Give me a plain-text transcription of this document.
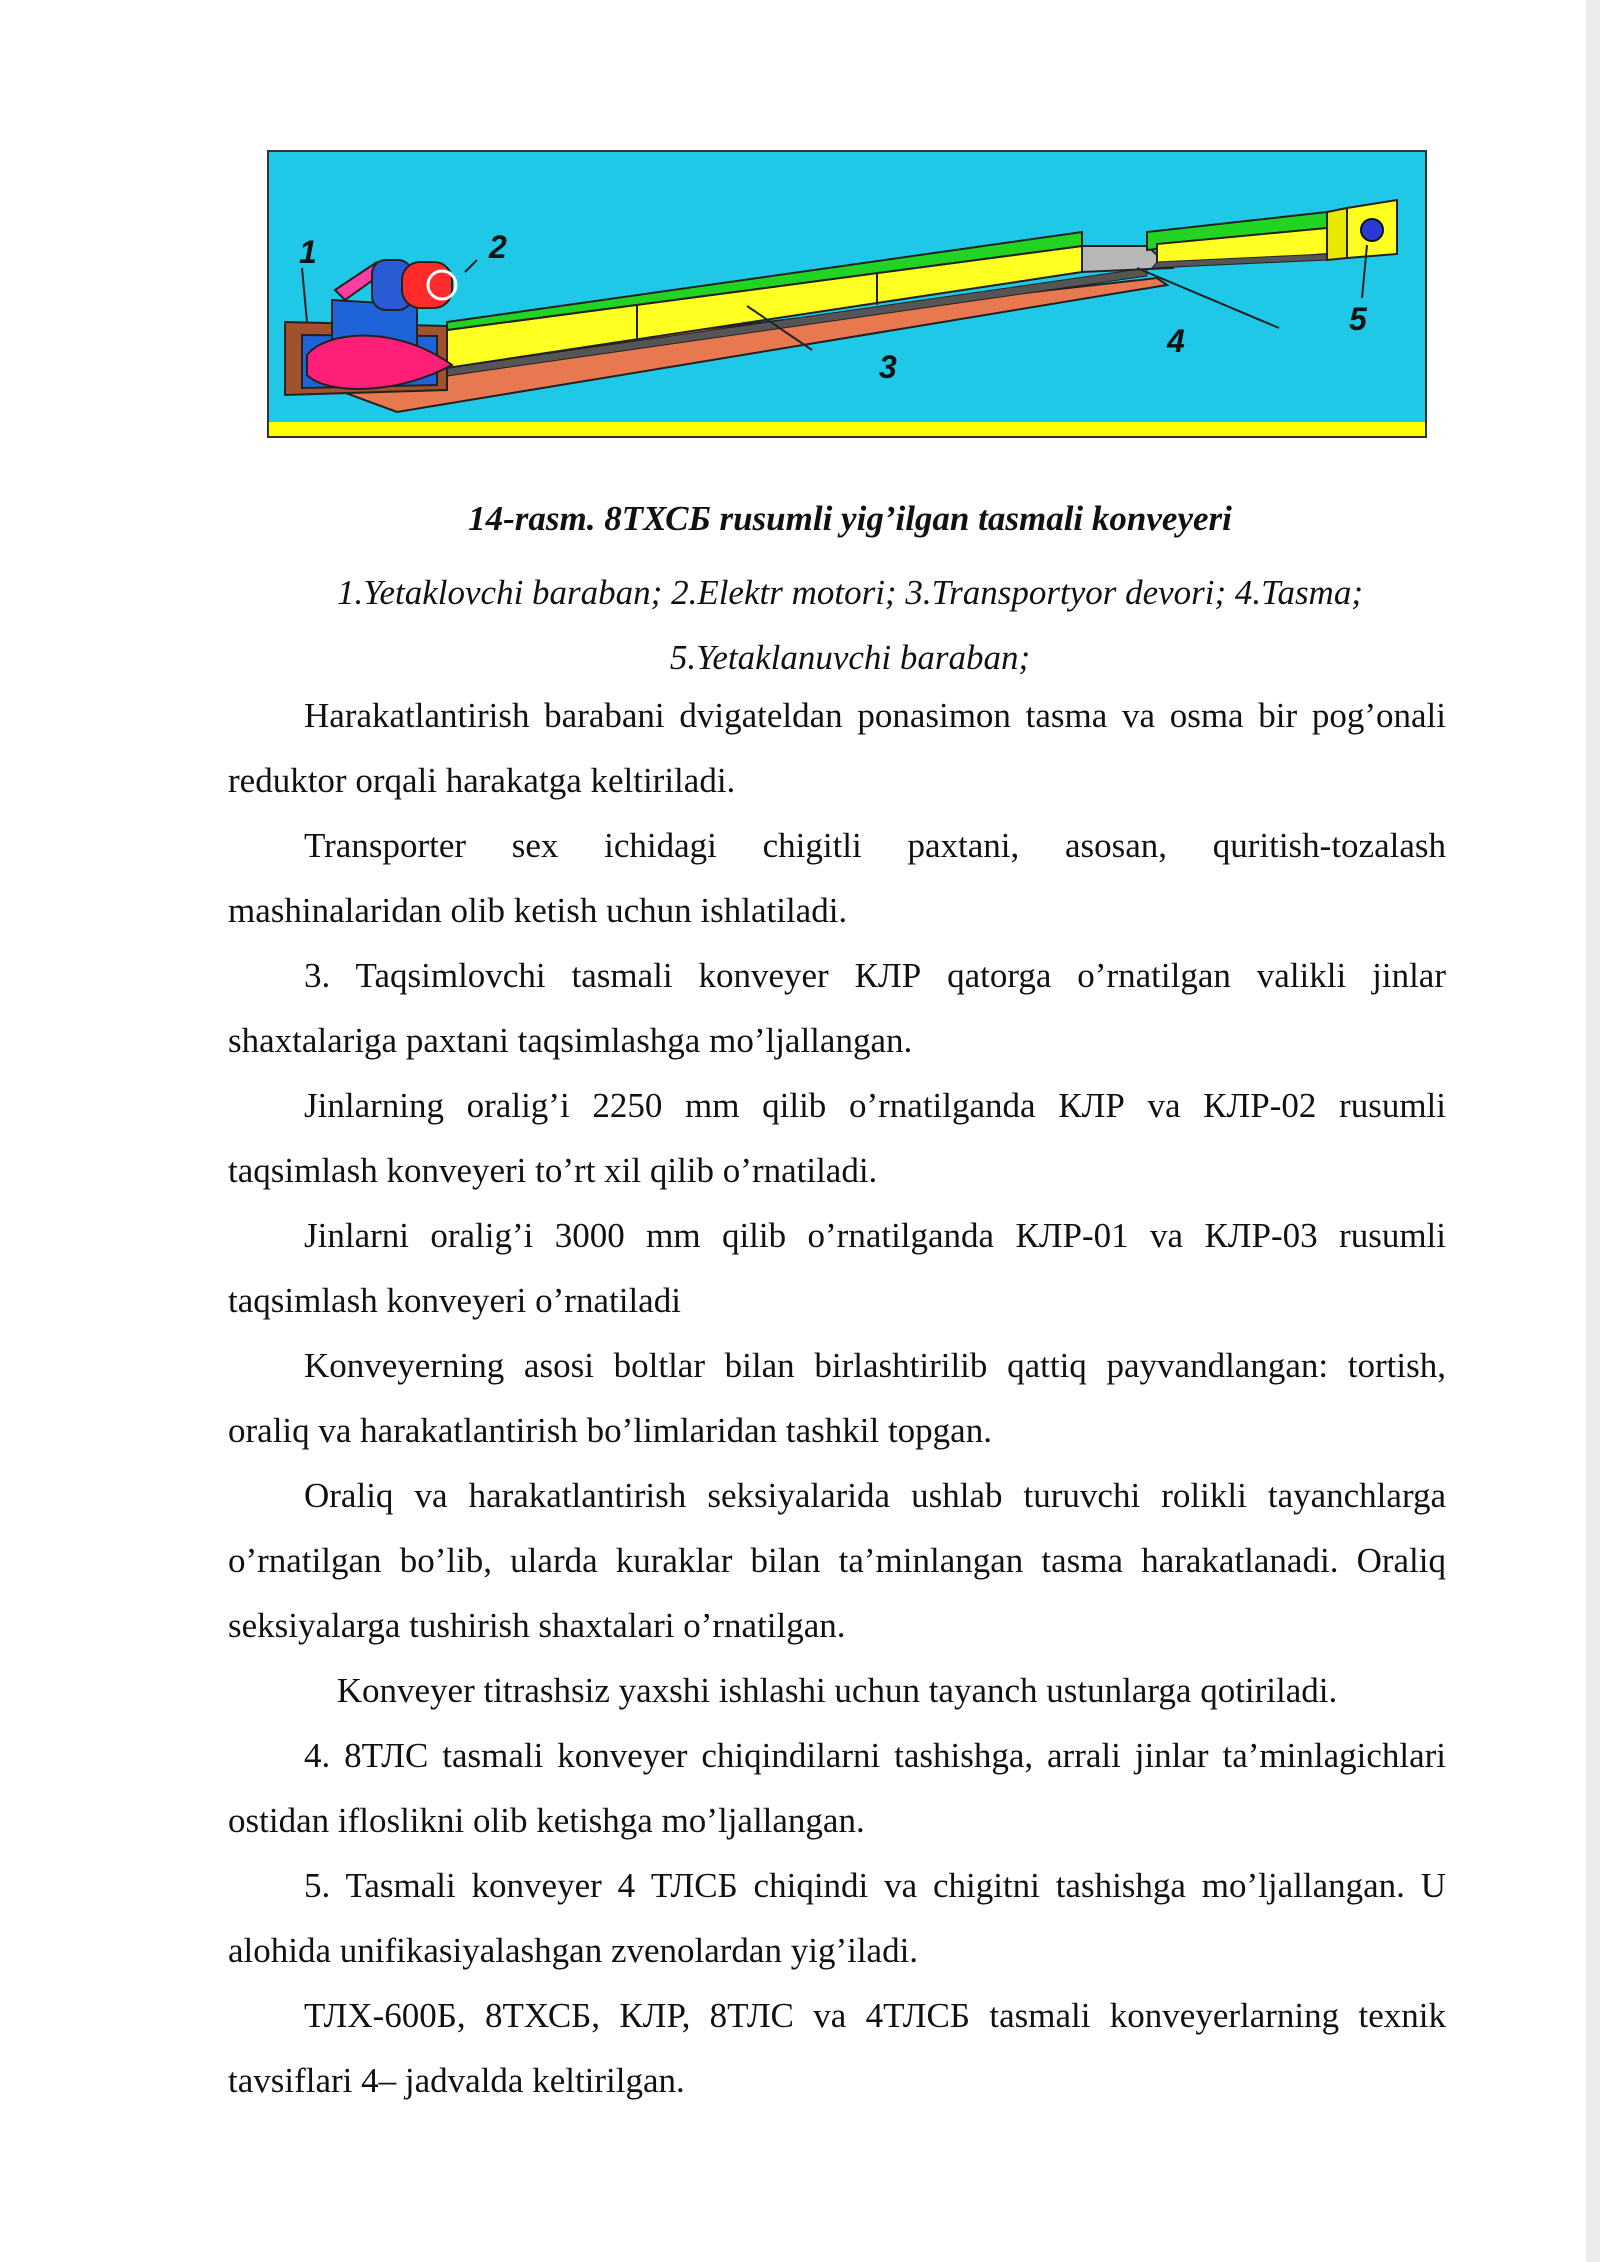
1	2
3
4
5
14-rasm. 8ТХСБ rusumli yig’ilgan tasmali konveyeri
1.Yetaklovchi baraban; 2.Elektr motori; 3.Transportyor devori; 4.Tasma;
5.Yetaklanuvchi baraban;

Harakatlantirish barabani dvigateldan ponasimon tasma va osma bir pog’onali reduktor orqali harakatga keltiriladi.

Transporter sex ichidagi chigitli paxtani, asosan, quritish-tozalash mashinalaridan olib ketish uchun ishlatiladi.

3. Taqsimlovchi tasmali konveyer КЛР qatorga o’rnatilgan valikli jinlar shaxtalariga paxtani taqsimlashga mo’ljallangan.

Jinlarning oralig’i 2250 mm qilib o’rnatilganda КЛР va КЛР-02 rusumli taqsimlash konveyeri to’rt xil qilib o’rnatiladi.

Jinlarni oralig’i 3000 mm qilib o’rnatilganda КЛР-01 va КЛР-03 rusumli taqsimlash konveyeri o’rnatiladi

Konveyerning asosi boltlar bilan birlashtirilib qattiq payvandlangan: tortish, oraliq va harakatlantirish bo’limlaridan tashkil topgan.

Oraliq va harakatlantirish seksiyalarida ushlab turuvchi rolikli tayanchlarga o’rnatilgan bo’lib, ularda kuraklar bilan ta’minlangan tasma harakatlanadi. Oraliq seksiyalarga tushirish shaxtalari o’rnatilgan.

Konveyer titrashsiz yaxshi ishlashi uchun tayanch ustunlarga qotiriladi.

4. 8ТЛС tasmali konveyer chiqindilarni tashishga, arrali jinlar ta’minlagichlari ostidan ifloslikni olib ketishga mo’ljallangan.

5. Tasmali konveyer 4 ТЛСБ chiqindi va chigitni tashishga mo’ljallangan. U alohida unifikasiyalashgan zvenolardan yig’iladi.

ТЛХ-600Б, 8ТХСБ, КЛР, 8ТЛС va 4ТЛСБ tasmali konveyerlarning texnik tavsiflari 4– jadvalda keltirilgan.
